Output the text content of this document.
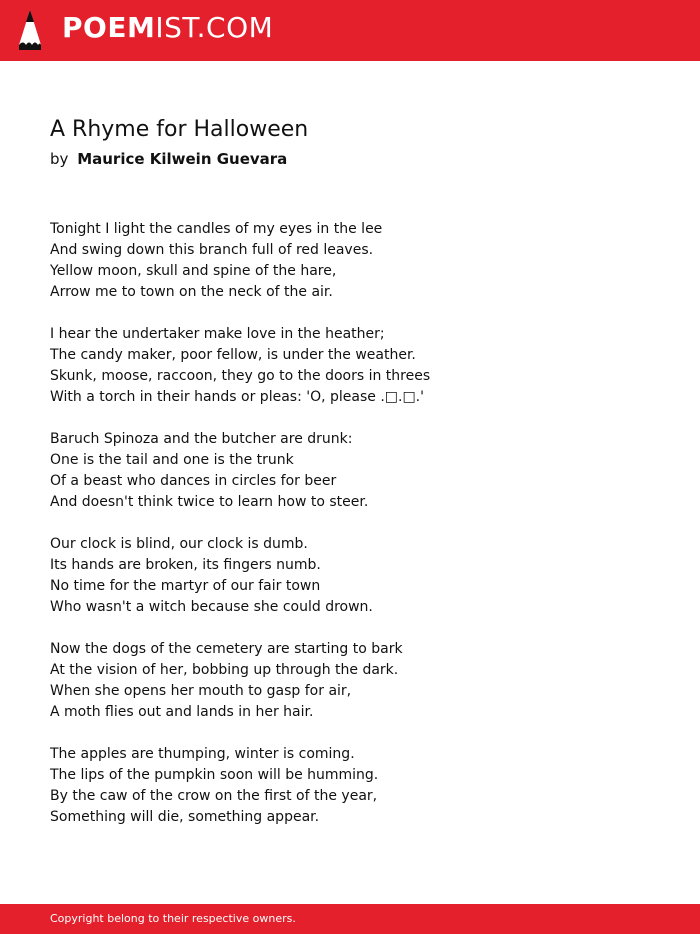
POEMIST.COM
A Rhyme for Halloween
by Maurice Kilwein Guevara
Tonight I light the candles of my eyes in the lee
And swing down this branch full of red leaves.
Yellow moon, skull and spine of the hare,
Arrow me to town on the neck of the air.
I hear the undertaker make love in the heather;
The candy maker, poor fellow, is under the weather.
Skunk, moose, raccoon, they go to the doors in threes
With a torch in their hands or pleas: 'O, please .□.□.'
Baruch Spinoza and the butcher are drunk:
One is the tail and one is the trunk
Of a beast who dances in circles for beer
And doesn't think twice to learn how to steer.
Our clock is blind, our clock is dumb.
Its hands are broken, its fingers numb.
No time for the martyr of our fair town
Who wasn't a witch because she could drown.
Now the dogs of the cemetery are starting to bark
At the vision of her, bobbing up through the dark.
When she opens her mouth to gasp for air,
A moth flies out and lands in her hair.
The apples are thumping, winter is coming.
The lips of the pumpkin soon will be humming.
By the caw of the crow on the first of the year,
Something will die, something appear.
Copyright belong to their respective owners.
